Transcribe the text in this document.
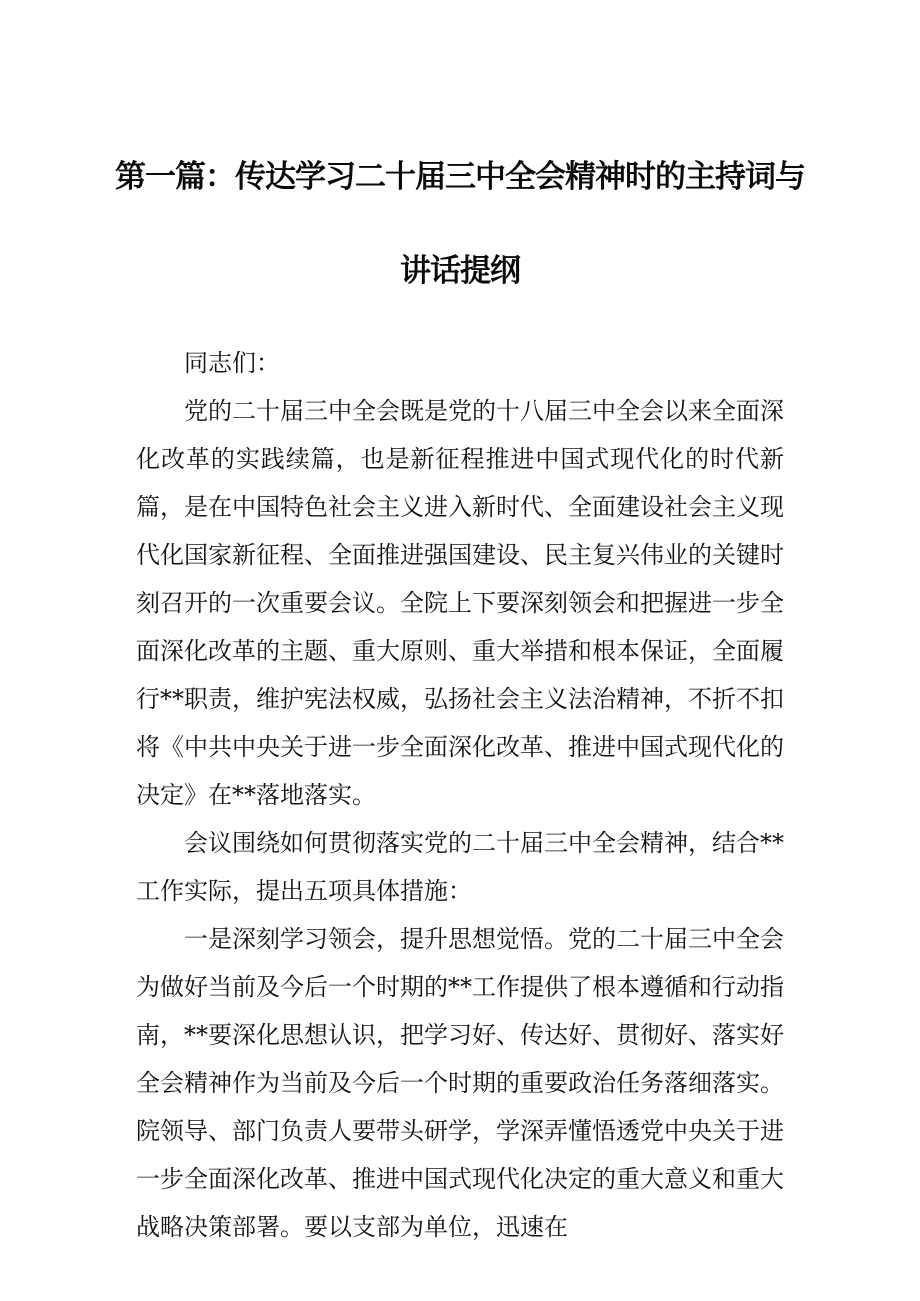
第一篇：传达学习二十届三中全会精神时的主持词与
讲话提纲

同志们：

党的二十届三中全会既是党的十八届三中全会以来全面深化改革的实践续篇，也是新征程推进中国式现代化的时代新篇，是在中国特色社会主义进入新时代、全面建设社会主义现代化国家新征程、全面推进强国建设、民主复兴伟业的关键时刻召开的一次重要会议。全院上下要深刻领会和把握进一步全面深化改革的主题、重大原则、重大举措和根本保证，全面履行**职责，维护宪法权威，弘扬社会主义法治精神，不折不扣将《中共中央关于进一步全面深化改革、推进中国式现代化的决定》在**落地落实。

会议围绕如何贯彻落实党的二十届三中全会精神，结合**工作实际，提出五项具体措施：

一是深刻学习领会，提升思想觉悟。党的二十届三中全会为做好当前及今后一个时期的**工作提供了根本遵循和行动指南，**要深化思想认识，把学习好、传达好、贯彻好、落实好全会精神作为当前及今后一个时期的重要政治任务落细落实。院领导、部门负责人要带头研学，学深弄懂悟透党中央关于进一步全面深化改革、推进中国式现代化决定的重大意义和重大战略决策部署。要以支部为单位，迅速在
